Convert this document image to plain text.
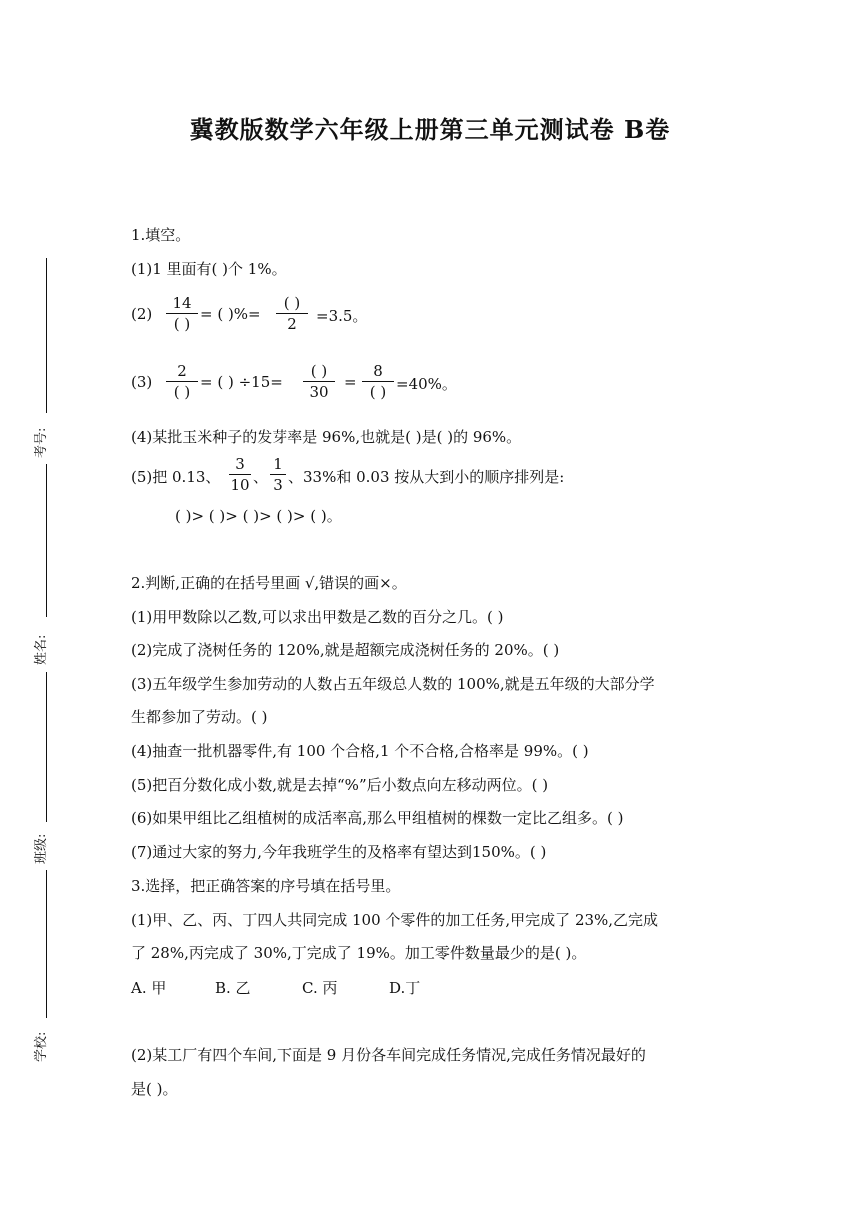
考号:
姓名:
班级:
学校:
冀教版数学六年级上册第三单元测试卷 B卷
1.填空。
(1)1 里面有( )个 1%。
(2)
14
( )
= ( )%=
( )
2	=3.5。
(3)
2
( )
= ( ) ÷15=
( )
30
=
8
( ) =40%。
(4)某批玉米种子的发芽率是 96%,也就是( )是( )的 96%。
(5)把 0.13、
3
10 、
1
3 、33%和 0.03 按从大到小的顺序排列是:
( )> ( )> ( )> ( )> ( )。
2.判断,正确的在括号里画 √,错误的画×。
(1)用甲数除以乙数,可以求出甲数是乙数的百分之几。( )
(2)完成了浇树任务的 120%,就是超额完成浇树任务的 20%。( )
(3)五年级学生参加劳动的人数占五年级总人数的 100%,就是五年级的大部分学
生都参加了劳动。( )
(4)抽查一批机器零件,有 100 个合格,1 个不合格,合格率是 99%。( )
(5)把百分数化成小数,就是去掉“%”后小数点向左移动两位。( )
(6)如果甲组比乙组植树的成活率高,那么甲组植树的棵数一定比乙组多。( )
(7)通过大家的努力,今年我班学生的及格率有望达到150%。( )
3.选择，把正确答案的序号填在括号里。
(1)甲、乙、丙、丁四人共同完成 100 个零件的加工任务,甲完成了 23%,乙完成
了 28%,丙完成了 30%,丁完成了 19%。加工零件数量最少的是( )。
A. 甲	B. 乙	C. 丙	D.丁
(2)某工厂有四个车间,下面是 9 月份各车间完成任务情况,完成任务情况最好的
是( )。
